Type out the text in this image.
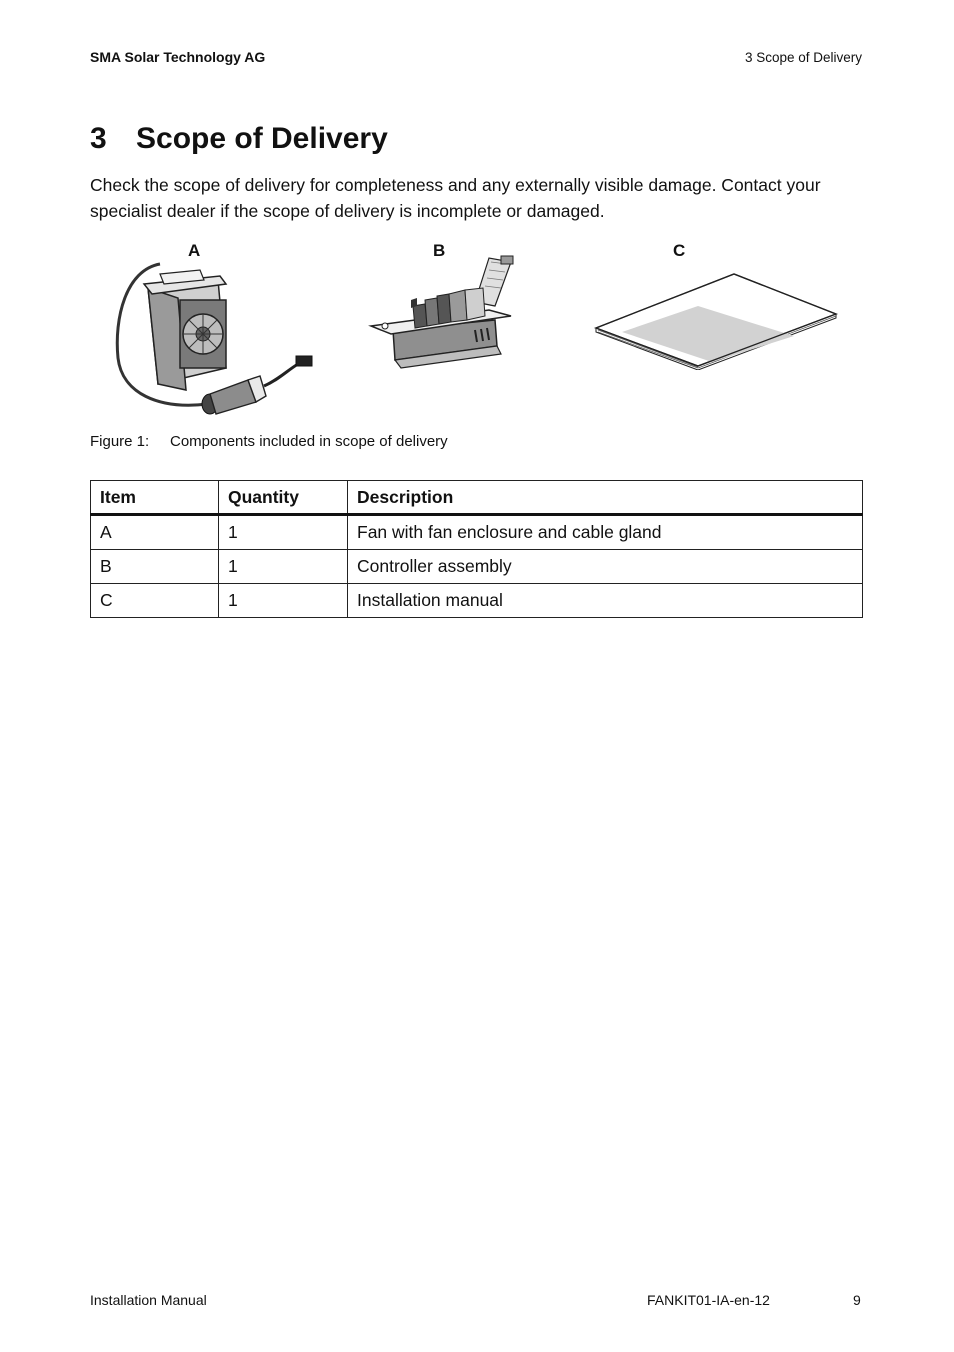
SMA Solar Technology AG	3 Scope of Delivery
3 Scope of Delivery
Check the scope of delivery for completeness and any externally visible damage. Contact your specialist dealer if the scope of delivery is incomplete or damaged.
A	B	C
Figure 1: Components included in scope of delivery
Item	Quantity	Description
A	1	Fan with fan enclosure and cable gland
B	1	Controller assembly
C	1	Installation manual
Installation Manual	FANKIT01-IA-en-12	9
